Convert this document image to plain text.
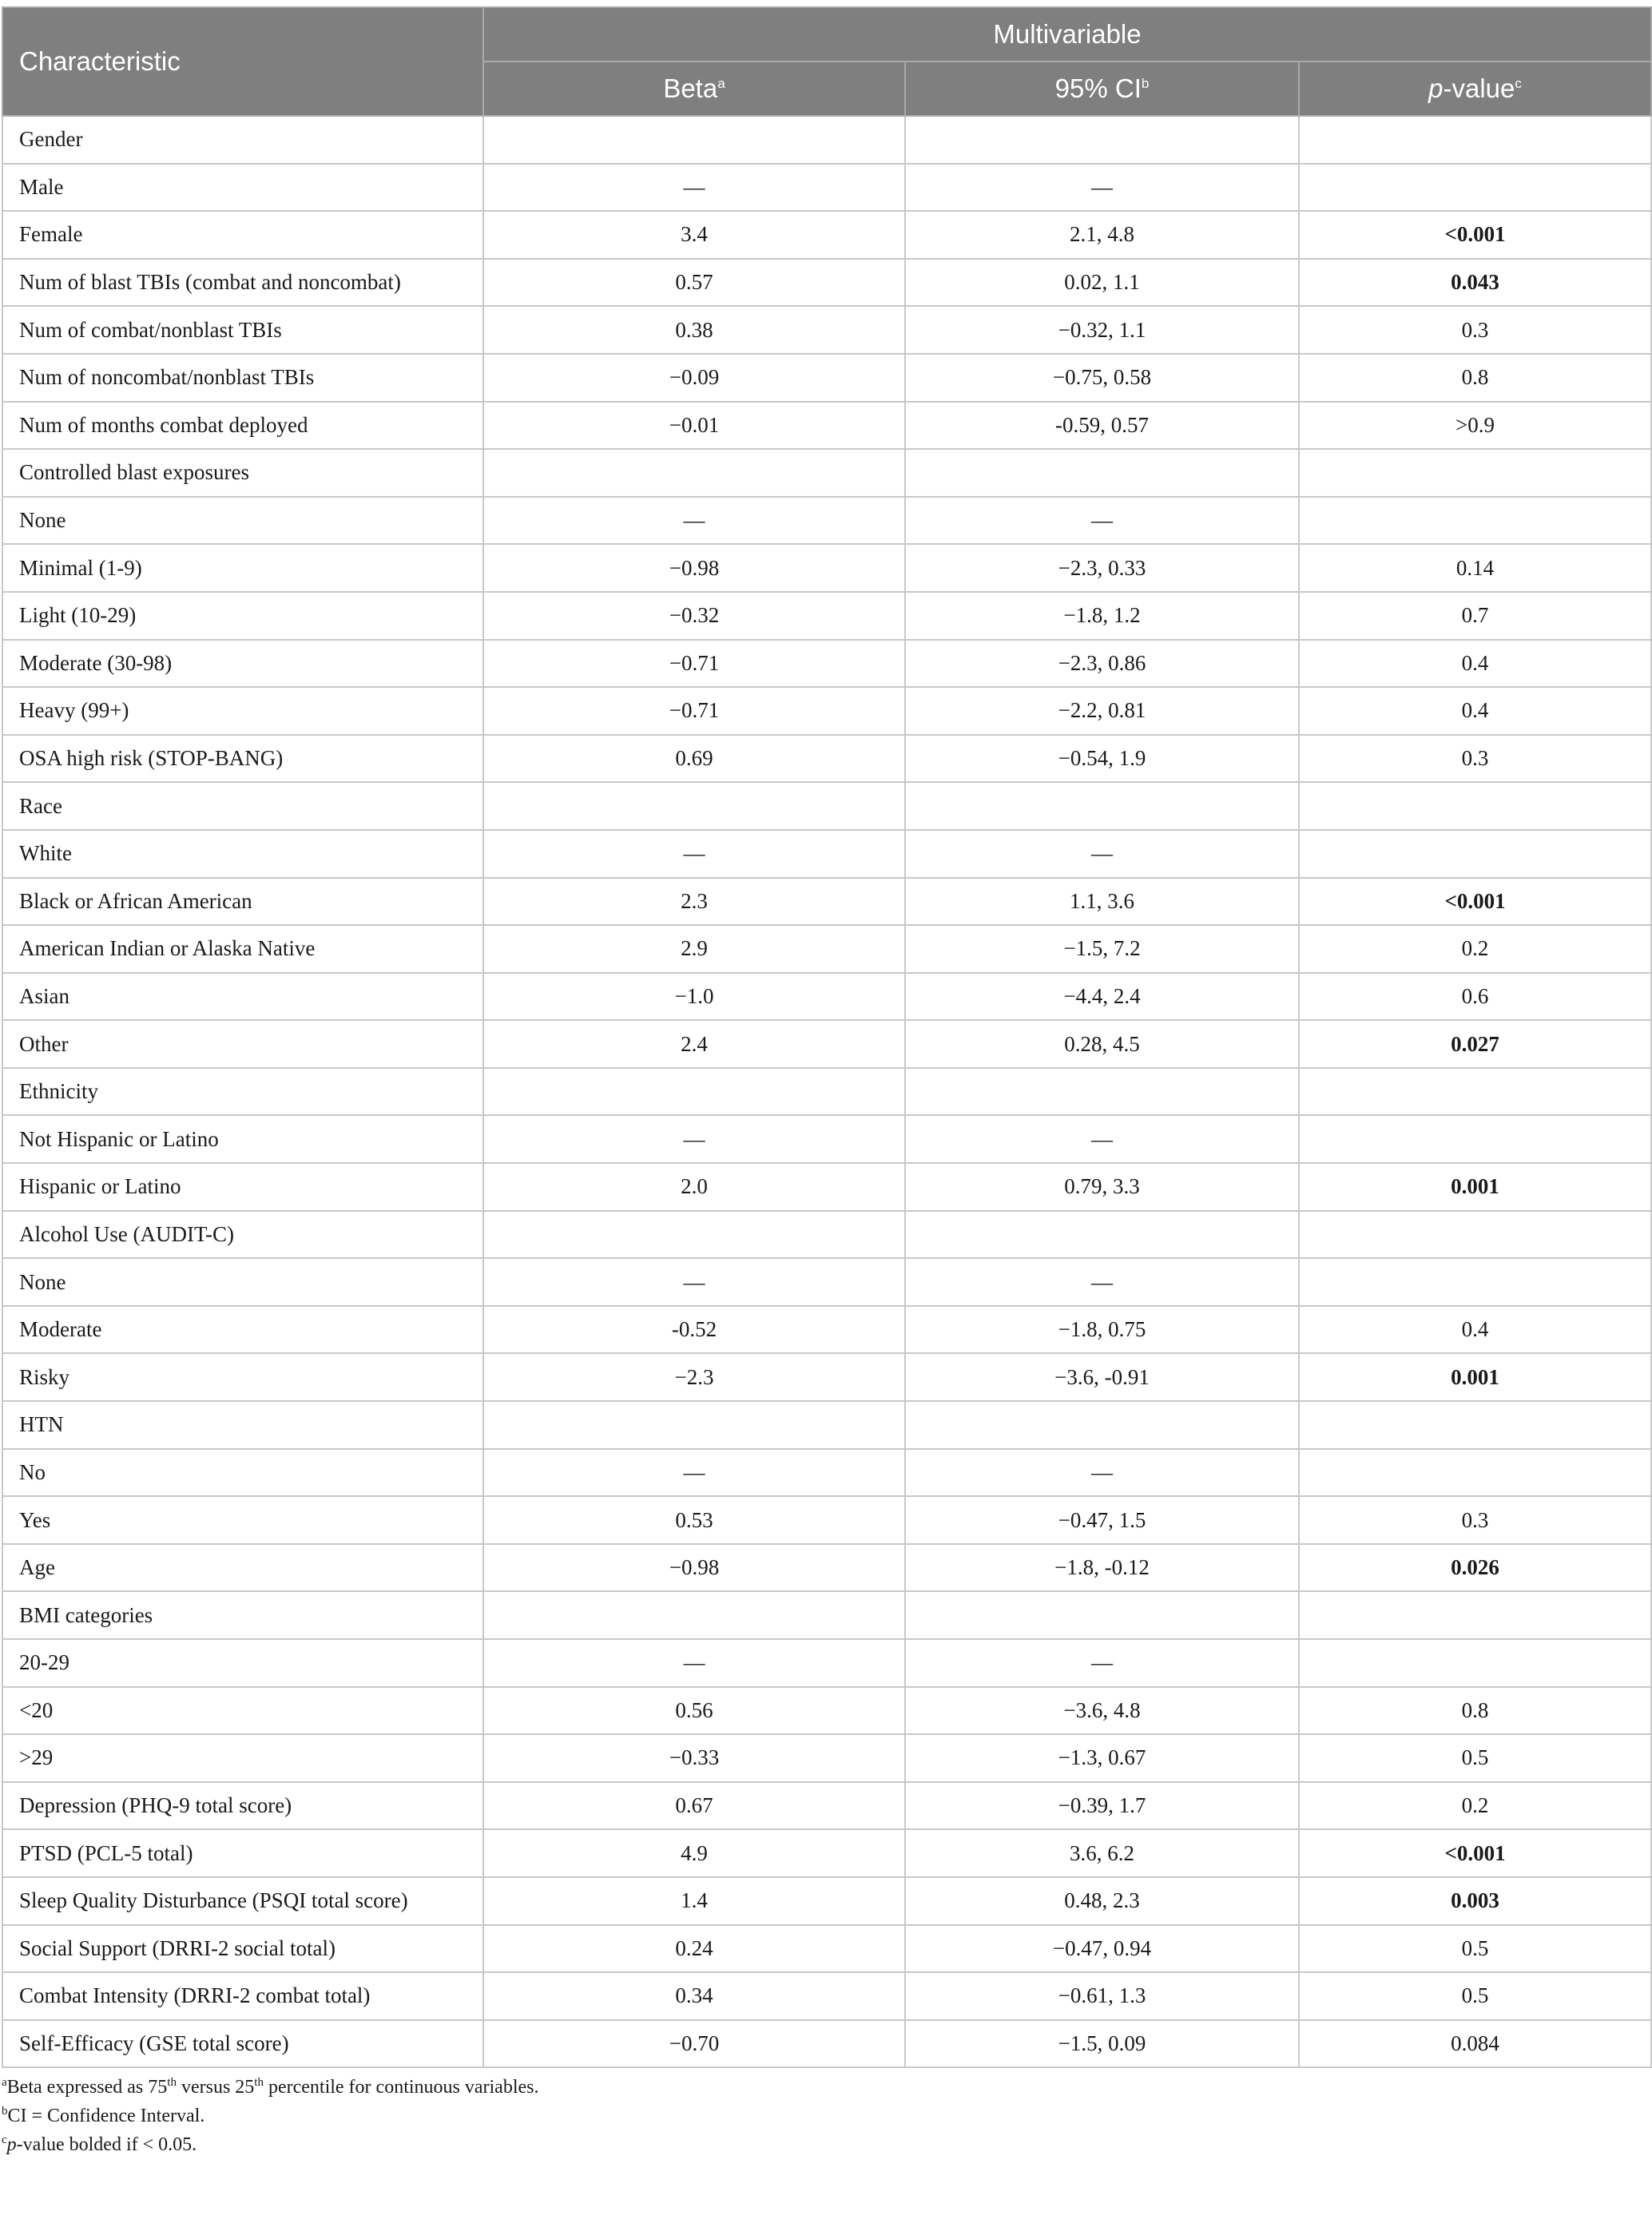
Characteristic	Multivariable		
	Beta$^a$	95% $CI^b$	p-value$^c$
Gender			
Male	—	—	
Female	3.4	2.1, 4.8	<0.001
Num of blast TBIs (combat and noncombat)	0.57	0.02, 1.1	0.043
Num of combat/nonblast TBIs	0.38	−0.32, 1.1	0.3
Num of noncombat/nonblast TBIs	−0.09	−0.75, 0.58	0.8
Num of months combat deployed	−0.01	-0.59, 0.57	>0.9
Controlled blast exposures			
None	—	—	
Minimal (1-9)	−0.98	−2.3, 0.33	0.14
Light (10-29)	−0.32	−1.8, 1.2	0.7
Moderate (30-98)	−0.71	−2.3, 0.86	0.4
Heavy (99+)	−0.71	−2.2, 0.81	0.4
OSA high risk (STOP-BANG)	0.69	−0.54, 1.9	0.3
Race			
White	—	—	
Black or African American	2.3	1.1, 3.6	<0.001
American Indian or Alaska Native	2.9	−1.5, 7.2	0.2
Asian	−1.0	−4.4, 2.4	0.6
Other	2.4	0.28, 4.5	0.027
Ethnicity			
Not Hispanic or Latino	—	—	
Hispanic or Latino	2.0	0.79, 3.3	0.001
Alcohol Use (AUDIT-C)			
None	—	—	
Moderate	-0.52	−1.8, 0.75	0.4
Risky	−2.3	−3.6, -0.91	0.001
HTN			
No	—	—	
Yes	0.53	−0.47, 1.5	0.3
Age	−0.98	−1.8, -0.12	0.026
BMI categories			
20-29	—	—	
<20	0.56	−3.6, 4.8	0.8
>29	−0.33	−1.3, 0.67	0.5
Depression (PHQ-9 total score)	0.67	−0.39, 1.7	0.2
PTSD (PCL-5 total)	4.9	3.6, 6.2	<0.001
Sleep Quality Disturbance (PSQI total score)	1.4	0.48, 2.3	0.003
Social Support (DRRI-2 social total)	0.24	−0.47, 0.94	0.5
Combat Intensity (DRRI-2 combat total)	0.34	−0.61, 1.3	0.5
Self-Efficacy (GSE total score)	−0.70	−1.5, 0.09	0.084
$^a$Beta expressed as 75th versus 25th percentile for continuous variables.
$^b$CI = Confidence Interval.
$^c$p-value bolded if < 0.05.
